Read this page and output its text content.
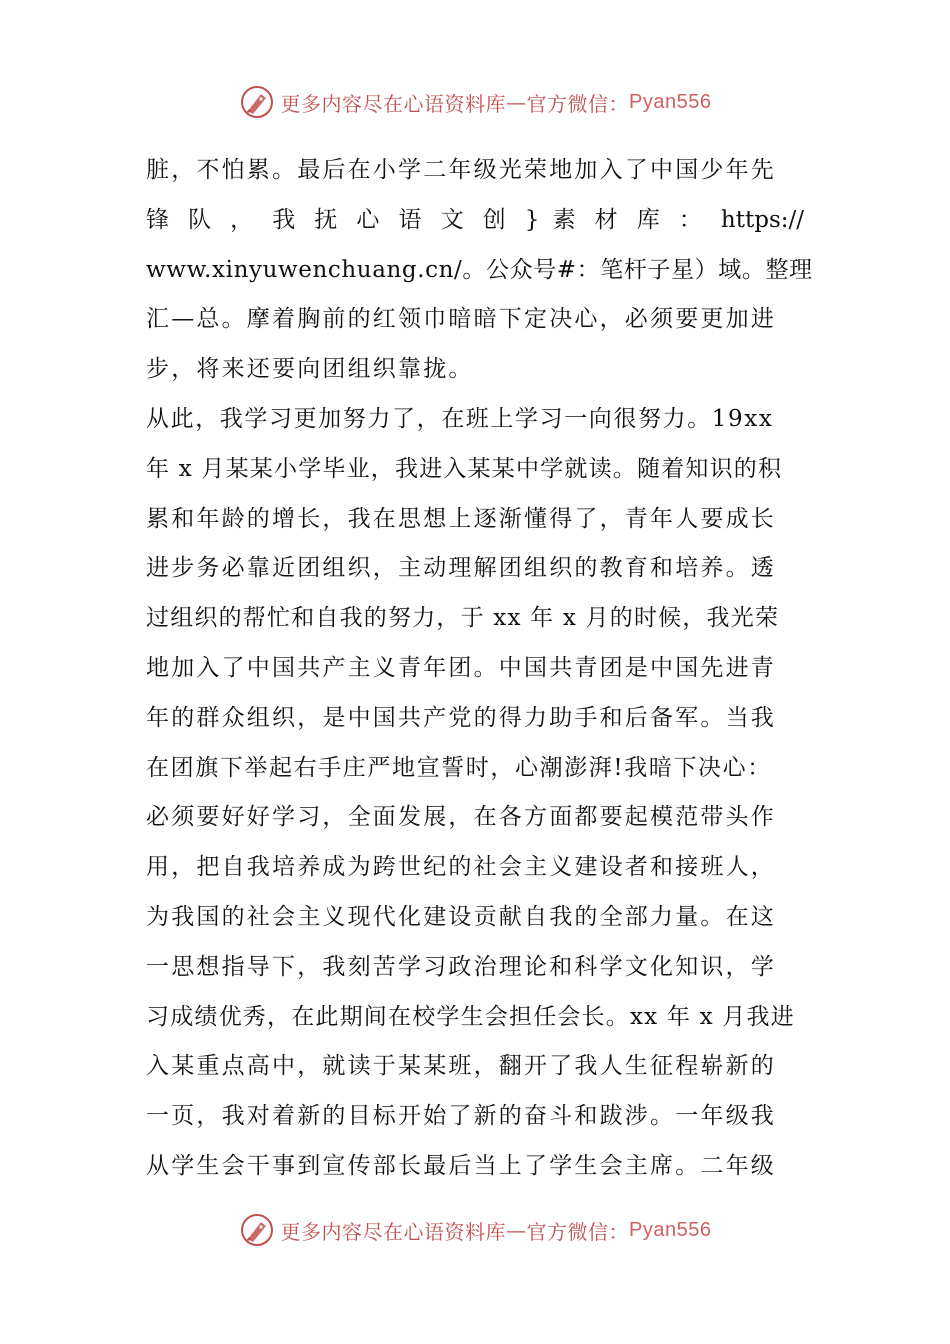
更多内容尽在心语资料库 — 官方微信： Pyan556
脏，不怕累。最后在小学二年级光荣地加入了中国少年先
锋 队 ， 我 抚 心 语 文 创 } 素 材 库 ： https://
www.xinyuwenchuang.cn/。公众号#：笔杆子星）域。整理
汇—总。摩着胸前的红领巾暗暗下定决心，必须要更加进
步，将来还要向团组织靠拢。
从此，我学习更加努力了，在班上学习一向很努力。19xx
年 x 月某某小学毕业，我进入某某中学就读。随着知识的积
累和年龄的增长，我在思想上逐渐懂得了，青年人要成长
进步务必靠近团组织，主动理解团组织的教育和培养。透
过组织的帮忙和自我的努力，于 xx 年 x 月的时候，我光荣
地加入了中国共产主义青年团。中国共青团是中国先进青
年的群众组织，是中国共产党的得力助手和后备军。当我
在团旗下举起右手庄严地宣誓时，心潮澎湃!我暗下决心：
必须要好好学习，全面发展，在各方面都要起模范带头作
用，把自我培养成为跨世纪的社会主义建设者和接班人，
为我国的社会主义现代化建设贡献自我的全部力量。在这
一思想指导下，我刻苦学习政治理论和科学文化知识，学
习成绩优秀，在此期间在校学生会担任会长。xx 年 x 月我进
入某重点高中，就读于某某班，翻开了我人生征程崭新的
一页，我对着新的目标开始了新的奋斗和跋涉。一年级我
从学生会干事到宣传部长最后当上了学生会主席。二年级
更多内容尽在心语资料库 — 官方微信： Pyan556
